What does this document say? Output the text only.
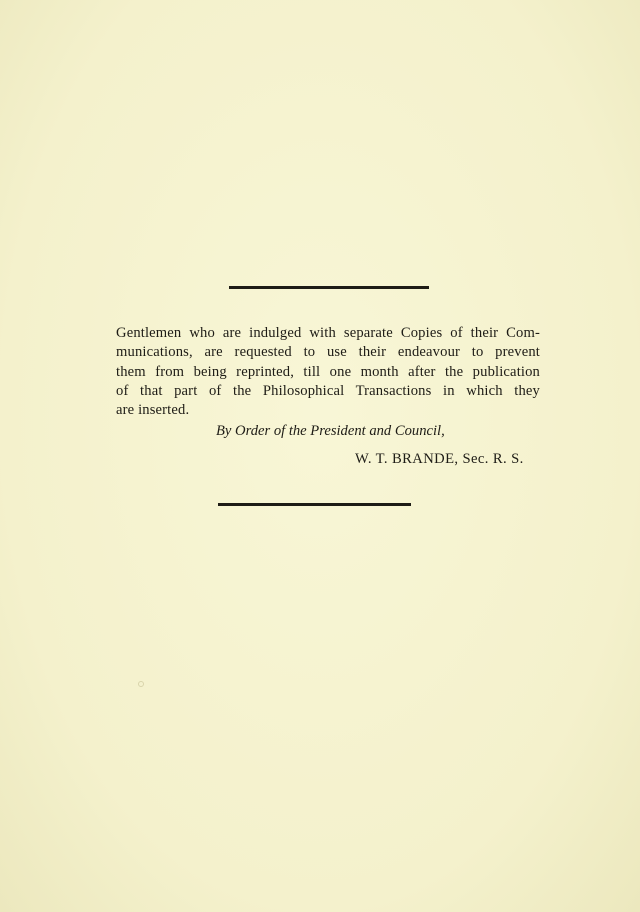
Gentlemen who are indulged with separate Copies of their Com-
munications, are requested to use their endeavour to prevent
them from being reprinted, till one month after the publication
of that part of the Philosophical Transactions in which they
are inserted.
By Order of the President and Council,
W. T. BRANDE, Sec. R. S.
